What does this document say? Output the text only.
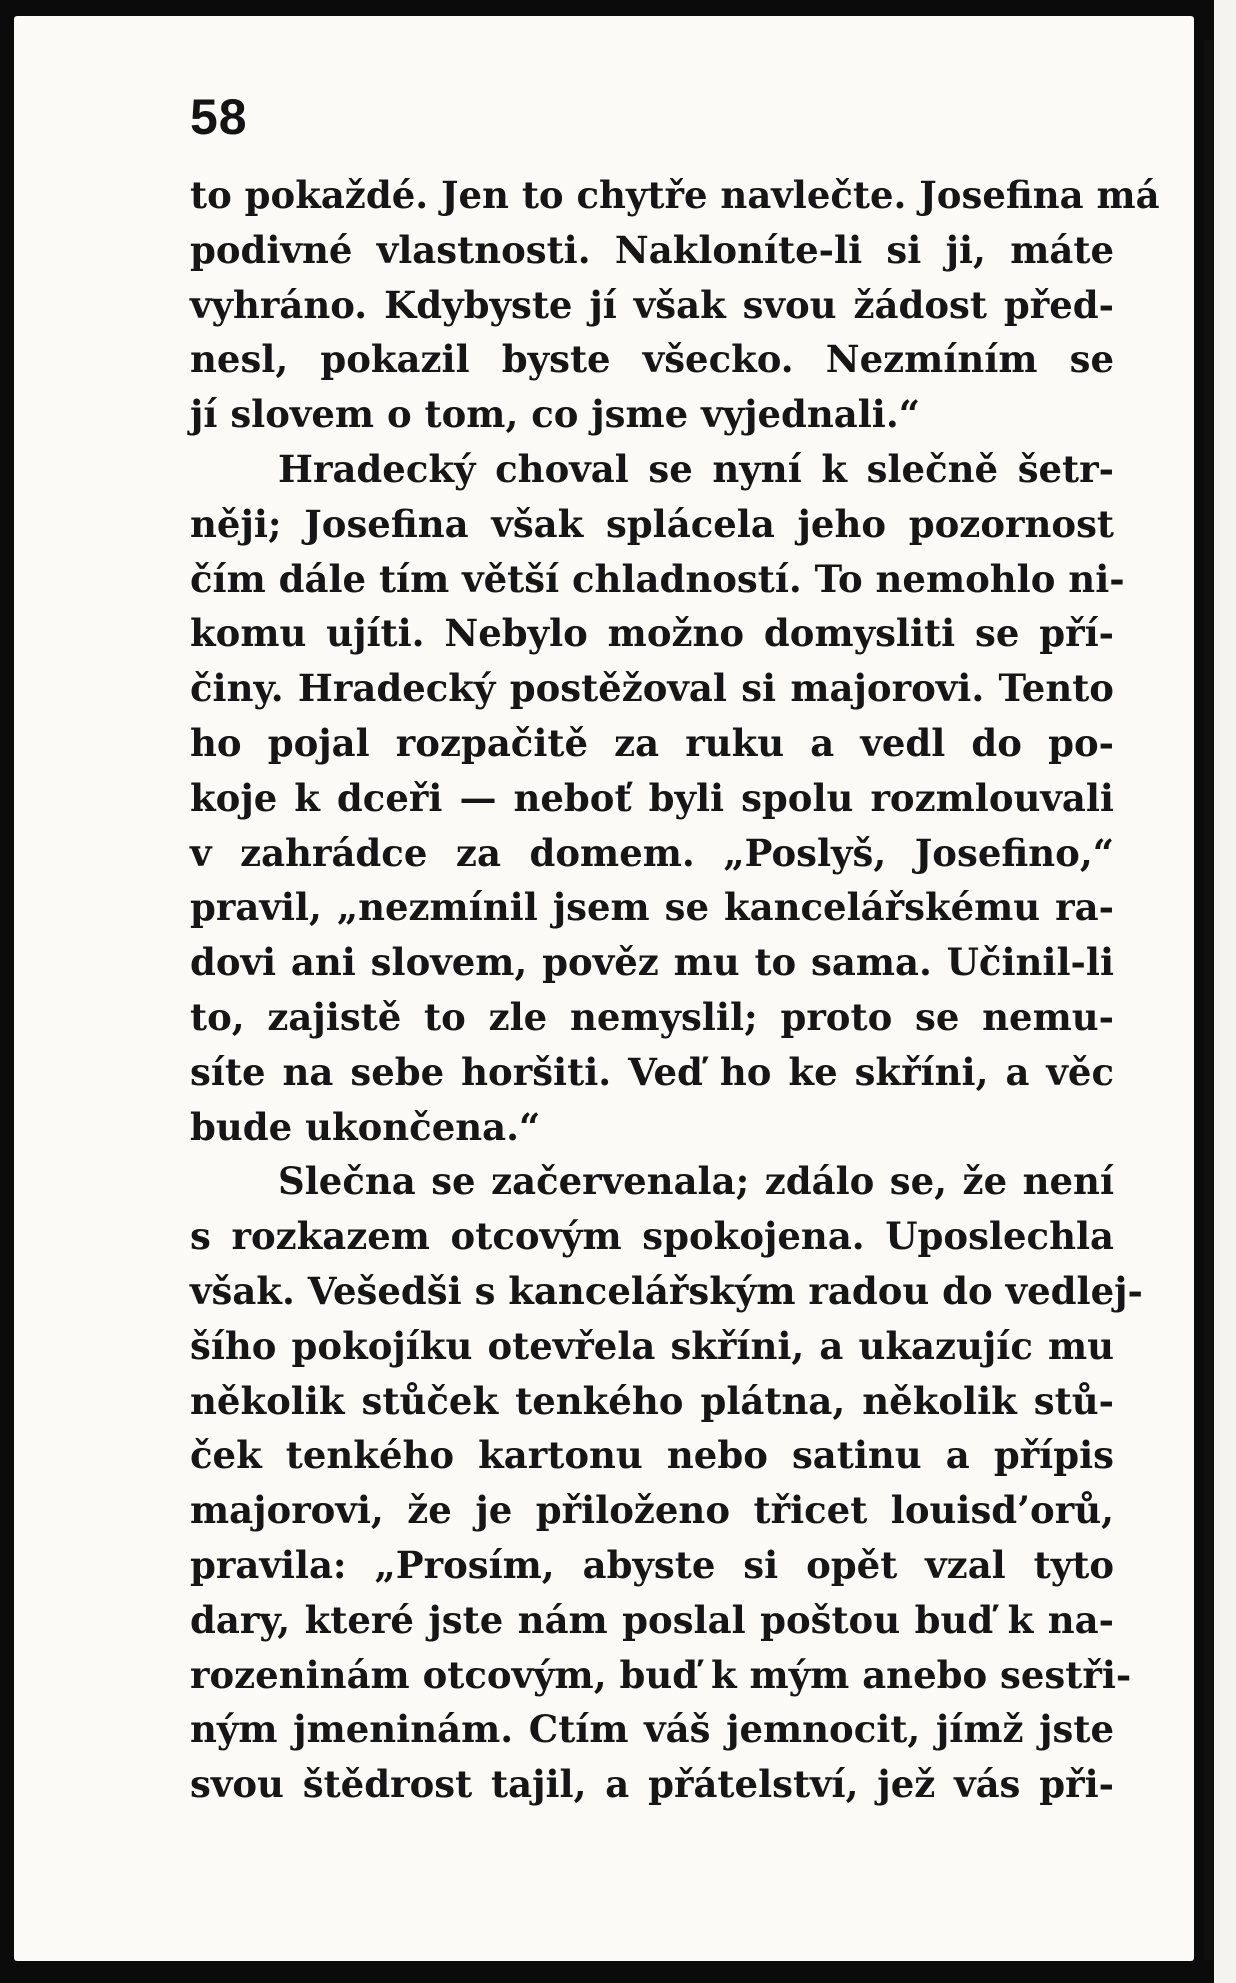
58
to pokaždé. Jen to chytře navlečte. Josefina má
podivné vlastnosti. Nakloníte-li si ji, máte
vyhráno. Kdybyste jí však svou žádost před-
nesl, pokazil byste všecko. Nezmíním se
jí slovem o tom, co jsme vyjednali.“
Hradecký choval se nyní k slečně šetr-
něji; Josefina však splácela jeho pozornost
čím dále tím větší chladností. To nemohlo ni-
komu ujíti. Nebylo možno domysliti se pří-
činy. Hradecký postěžoval si majorovi. Tento
ho pojal rozpačitě za ruku a vedl do po-
koje k dceři — neboť byli spolu rozmlouvali
v zahrádce za domem. „Poslyš, Josefino,“
pravil, „nezmínil jsem se kancelářskému ra-
dovi ani slovem, pověz mu to sama. Učinil-li
to, zajistě to zle nemyslil; proto se nemu-
síte na sebe horšiti. Veď ho ke skříni, a věc
bude ukončena.“
Slečna se začervenala; zdálo se, že není
s rozkazem otcovým spokojena. Uposlechla
však. Vešedši s kancelářským radou do vedlej-
šího pokojíku otevřela skříni, a ukazujíc mu
několik stůček tenkého plátna, několik stů-
ček tenkého kartonu nebo satinu a přípis
majorovi, že je přiloženo třicet louisd’orů,
pravila: „Prosím, abyste si opět vzal tyto
dary, které jste nám poslal poštou buď k na-
rozeninám otcovým, buď k mým anebo sestři-
ným jmeninám. Ctím váš jemnocit, jímž jste
svou štědrost tajil, a přátelství, jež vás při-
